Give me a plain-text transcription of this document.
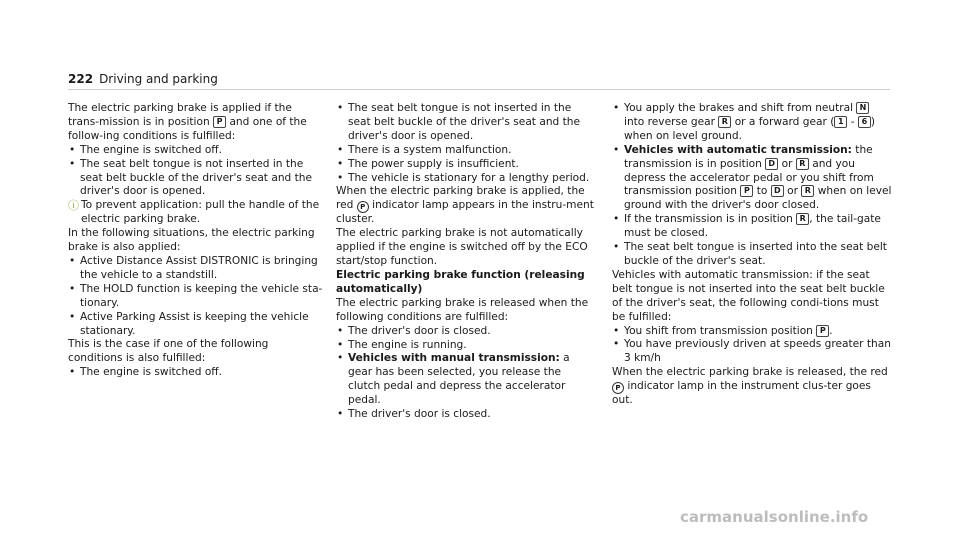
222 Driving and parking

The electric parking brake is applied if the trans-mission is in position P and one of the follow-ing conditions is fulfilled:

• The engine is switched off.

• The seat belt tongue is not inserted in the seat belt buckle of the driver's seat and the driver's door is opened.

ⓘ To prevent application: pull the handle of the electric parking brake.

In the following situations, the electric parking brake is also applied:

• Active Distance Assist DISTRONIC is bringing the vehicle to a standstill.

• The HOLD function is keeping the vehicle sta-tionary.

• Active Parking Assist is keeping the vehicle stationary.

This is the case if one of the following conditions is also fulfilled:

• The engine is switched off.

• The seat belt tongue is not inserted in the seat belt buckle of the driver's seat and the driver's door is opened.

• There is a system malfunction.

• The power supply is insufficient.

• The vehicle is stationary for a lengthy period.

When the electric parking brake is applied, the red P indicator lamp appears in the instru-ment cluster.

The electric parking brake is not automatically applied if the engine is switched off by the ECO start/stop function.

Electric parking brake function (releasing automatically)

The electric parking brake is released when the following conditions are fulfilled:

• The driver's door is closed.

• The engine is running.

• Vehicles with manual transmission: a gear has been selected, you release the clutch pedal and depress the accelerator pedal.

• The driver's door is closed.

• You apply the brakes and shift from neutral N into reverse gear R or a forward gear ( 1 - 6 ) when on level ground.

• Vehicles with automatic transmission: the transmission is in position D or R and you depress the accelerator pedal or you shift from transmission position P to D or R when on level ground with the driver's door closed.

• If the transmission is in position R , the tail-gate must be closed.

• The seat belt tongue is inserted into the seat belt buckle of the driver's seat.

Vehicles with automatic transmission: if the seat belt tongue is not inserted into the seat belt buckle of the driver's seat, the following condi-tions must be fulfilled:

• You shift from transmission position P .

• You have previously driven at speeds greater than 3 km/h

When the electric parking brake is released, the red P indicator lamp in the instrument clus-ter goes out.

carmanualsonline.info
